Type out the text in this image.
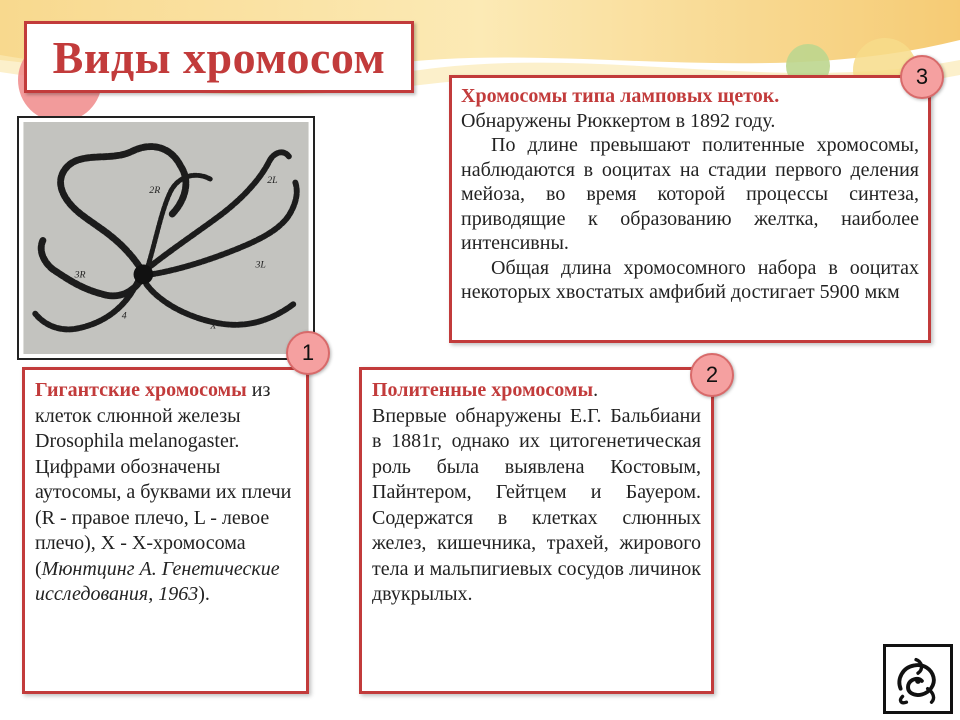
Виды хромосом
2R
2L
3L
3R
X
4

Хромосомы типа ламповых щеток.

Обнаружены Рюккертом в 1892 году.

По длине превышают политенные хромосомы, наблюдаются в ооцитах на стадии первого деления мейоза, во время которой процессы синтеза, приводящие к образованию желтка, наиболее интенсивны.

Общая длина хромосомного набора в ооцитах некоторых хвостатых амфибий достигает 5900 мкм

3

Гигантские хромосомы из клеток слюнной железы Drosophila melanogaster. Цифрами обозначены аутосомы, а буквами их плечи (R - правое плечо, L - левое плечо), X - X-хромосома (Мюнтцинг А. Генетические исследования, 1963).

1

Политенные хромосомы.

Впервые обнаружены Е.Г. Бальбиани в 1881г, однако их цитогенетическая роль была выявлена Костовым, Пайнтером, Гейтцем и Бауером. Содержатся в клетках слюнных желез, кишечника, трахей, жирового тела и мальпигиевых сосудов личинок двукрылых.

2
